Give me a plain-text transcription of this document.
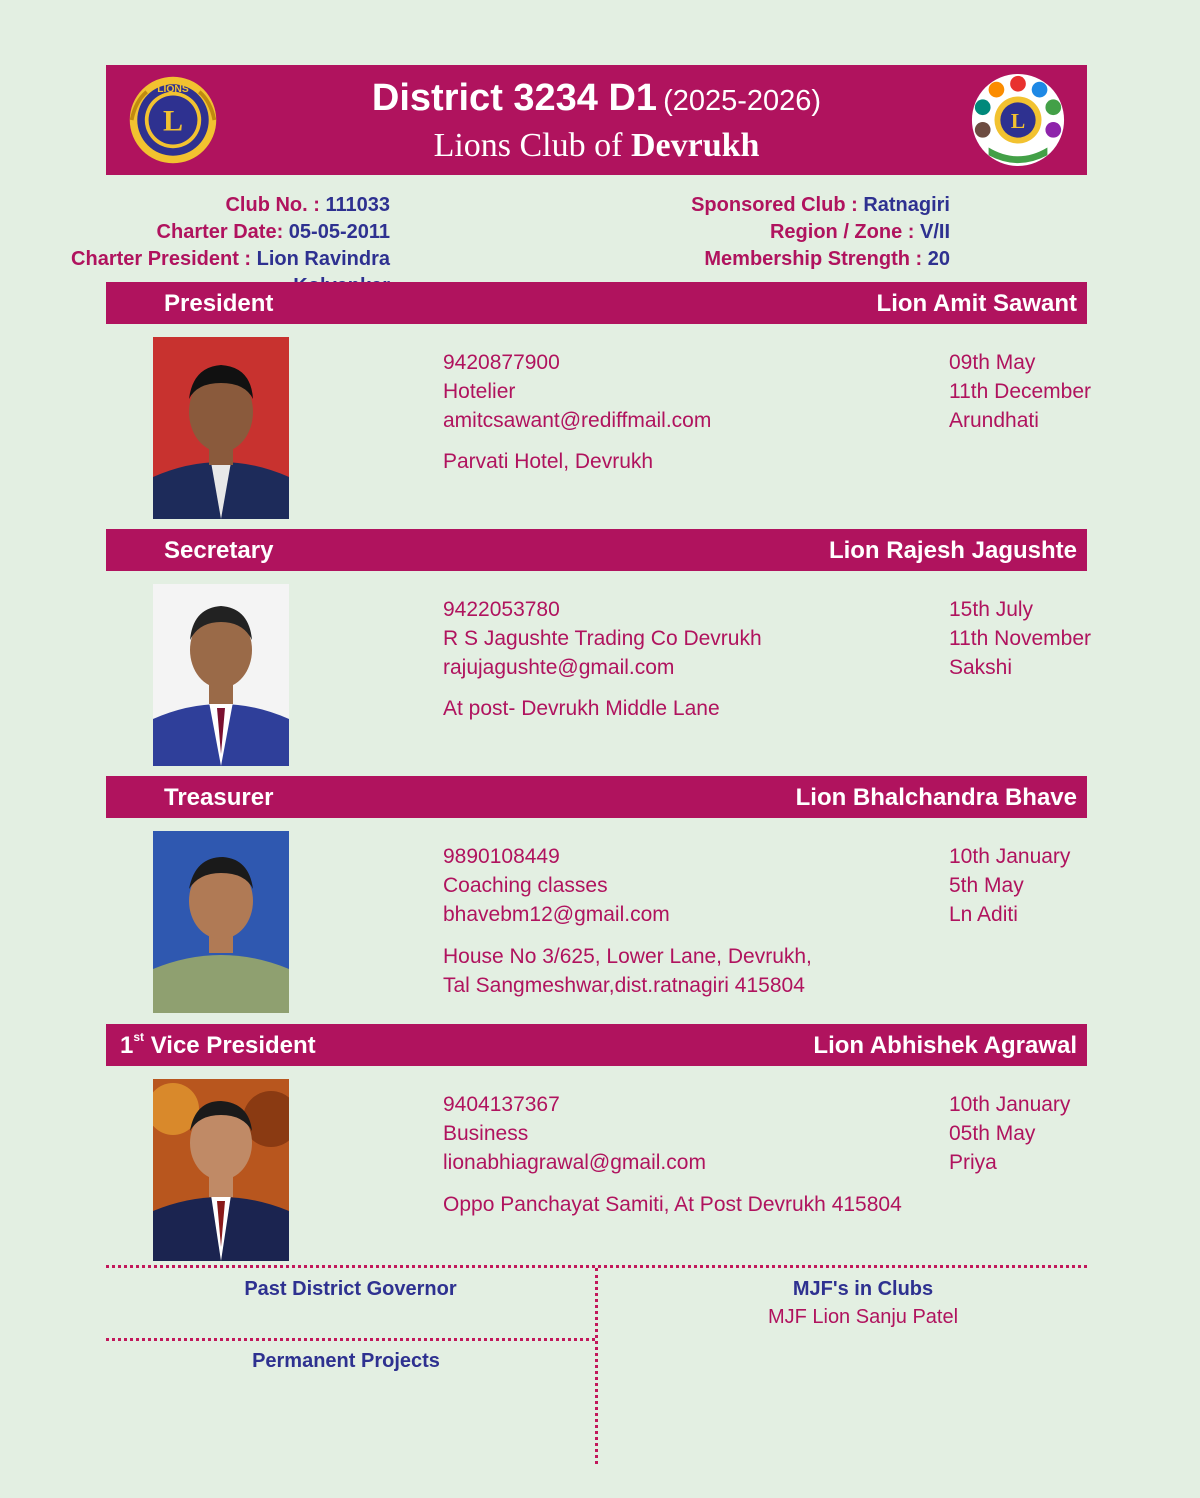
L
LIONS	District 3234 D1 (2025-2026)
Lions Club of Devrukh
L
Club No. : 111033
Charter Date: 05-05-2011
Charter President : Lion Ravindra
Sponsored Club : Ratnagiri
Region / Zone : V/II
Membership Strength : 20
President	Lion Amit Sawant
9420877900
Hotelier
amitcsawant@rediffmail.com
Parvati Hotel, Devrukh
09th May
11th December
Arundhati
Secretary	Lion Rajesh Jagushte
9422053780
R S Jagushte Trading Co Devrukh
rajujagushte@gmail.com
At post- Devrukh Middle Lane
15th July
11th November
Sakshi
Treasurer	Lion Bhalchandra Bhave
9890108449
Coaching classes
bhavebm12@gmail.com
House No 3/625, Lower Lane, Devrukh,
Tal Sangmeshwar,dist.ratnagiri 415804
10th January
5th May
Ln Aditi
1st Vice President	Lion Abhishek Agrawal
9404137367
Business
lionabhiagrawal@gmail.com
Oppo Panchayat Samiti, At Post Devrukh 415804
10th January
05th May
Priya
Past District Governor	MJF's in Clubs
MJF Lion Sanju Patel
Permanent Projects
